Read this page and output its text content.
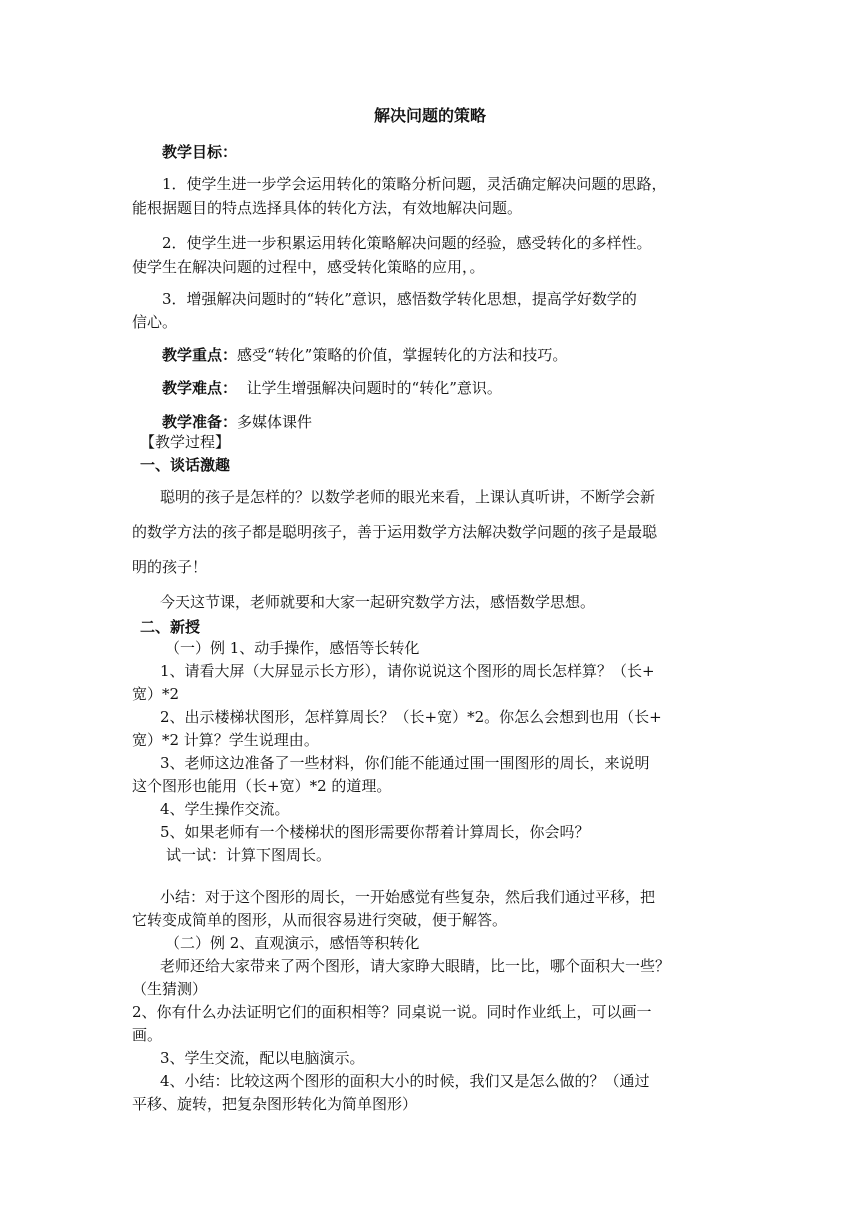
解决问题的策略
教学目标：
1．使学生进一步学会运用转化的策略分析问题，灵活确定解决问题的思路，
能根据题目的特点选择具体的转化方法，有效地解决问题。
2．使学生进一步积累运用转化策略解决问题的经验，感受转化的多样性。
使学生在解决问题的过程中，感受转化策略的应用，。
3．增强解决问题时的“转化”意识，感悟数学转化思想，提高学好数学的
信心。
教学重点：感受“转化”策略的价值，掌握转化的方法和技巧。
教学难点：  让学生增强解决问题时的“转化”意识。
教学准备：多媒体课件
【教学过程】
一、谈话激趣
聪明的孩子是怎样的？以数学老师的眼光来看，上课认真听讲，不断学会新
的数学方法的孩子都是聪明孩子，善于运用数学方法解决数学问题的孩子是最聪
明的孩子！
今天这节课，老师就要和大家一起研究数学方法，感悟数学思想。
二、新授
（一）例 1、动手操作，感悟等长转化
1、请看大屏（大屏显示长方形），请你说说这个图形的周长怎样算？（长+
宽）*2
2、出示楼梯状图形，怎样算周长？（长+宽）*2。你怎么会想到也用（长+
宽）*2 计算？学生说理由。
3、老师这边准备了一些材料，你们能不能通过围一围图形的周长，来说明
这个图形也能用（长+宽）*2 的道理。
4、学生操作交流。
5、如果老师有一个楼梯状的图形需要你帮着计算周长，你会吗？
试一试：计算下图周长。
小结：对于这个图形的周长，一开始感觉有些复杂，然后我们通过平移，把
它转变成简单的图形，从而很容易进行突破，便于解答。
（二）例 2、直观演示，感悟等积转化
老师还给大家带来了两个图形，请大家睁大眼睛，比一比，哪个面积大一些？
（生猜测）
2、你有什么办法证明它们的面积相等？同桌说一说。同时作业纸上，可以画一
画。
3、学生交流，配以电脑演示。
4、小结：比较这两个图形的面积大小的时候，我们又是怎么做的？（通过
平移、旋转，把复杂图形转化为简单图形）
